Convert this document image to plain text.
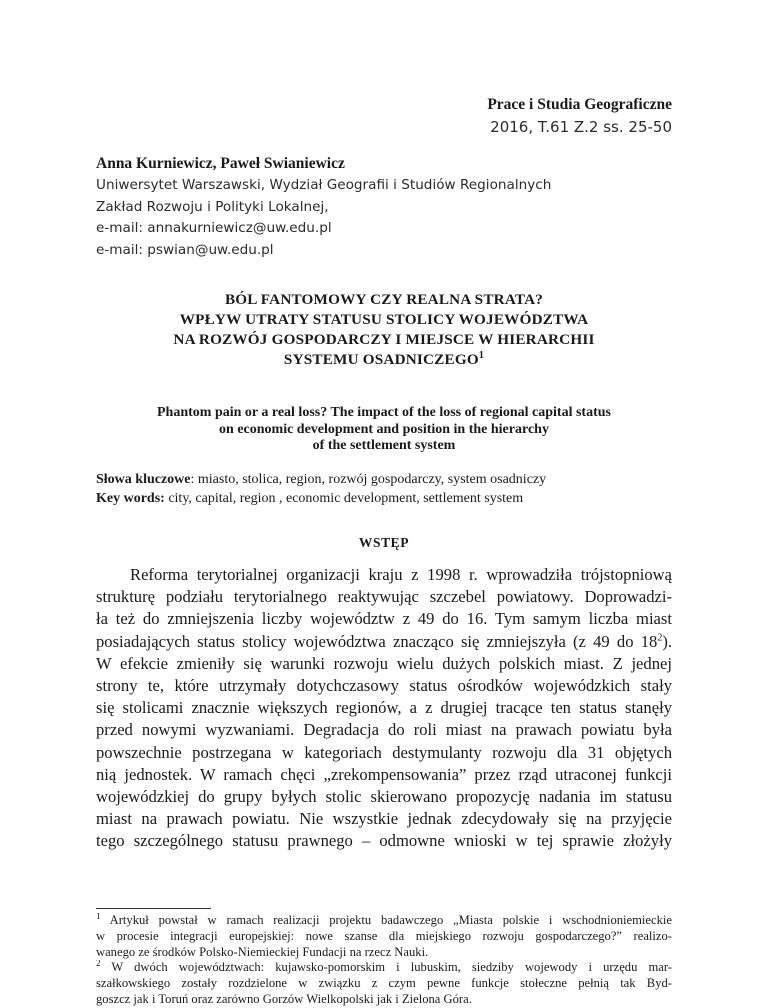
Prace i Studia Geograficzne
2016, T.61 Z.2 ss. 25-50
Anna Kurniewicz, Paweł Swianiewicz
Uniwersytet Warszawski, Wydział Geografii i Studiów Regionalnych
Zakład Rozwoju i Polityki Lokalnej,
e-mail: annakurniewicz@uw.edu.pl
e-mail: pswian@uw.edu.pl
BÓL FANTOMOWY CZY REALNA STRATA?
WPŁYW UTRATY STATUSU STOLICY WOJEWÓDZTWA
NA ROZWÓJ GOSPODARCZY I MIEJSCE W HIERARCHII
SYSTEMU OSADNICZEGO$^1$
Phantom pain or a real loss? The impact of the loss of regional capital status
on economic development and position in the hierarchy
of the settlement system
Słowa kluczowe: miasto, stolica, region, rozwój gospodarczy, system osadniczy
Key words: city, capital, region , economic development, settlement system
WSTĘP
Reforma terytorialnej organizacji kraju z 1998 r. wprowadziła trójstopniową
strukturę podziału terytorialnego reaktywując szczebel powiatowy. Doprowadzi-
ła też do zmniejszenia liczby województw z 49 do 16. Tym samym liczba miast
posiadających status stolicy województwa znacząco się zmniejszyła (z 49 do $18^2$).
W efekcie zmieniły się warunki rozwoju wielu dużych polskich miast. Z jednej
strony te, które utrzymały dotychczasowy status ośrodków wojewódzkich stały
się stolicami znacznie większych regionów, a z drugiej tracące ten status stanęły
przed nowymi wyzwaniami. Degradacja do roli miast na prawach powiatu była
powszechnie postrzegana w kategoriach destymulanty rozwoju dla 31 objętych
nią jednostek. W ramach chęci „zrekompensowania” przez rząd utraconej funkcji
wojewódzkiej do grupy byłych stolic skierowano propozycję nadania im statusu
miast na prawach powiatu. Nie wszystkie jednak zdecydowały się na przyjęcie
tego szczególnego statusu prawnego – odmowne wnioski w tej sprawie złożyły
$^1$ Artykuł powstał w ramach realizacji projektu badawczego „Miasta polskie i wschodnioniemieckie
w procesie integracji europejskiej: nowe szanse dla miejskiego rozwoju gospodarczego?” realizo-
wanego ze środków Polsko-Niemieckiej Fundacji na rzecz Nauki.
$^2$ W dwóch województwach: kujawsko-pomorskim i lubuskim, siedziby wojewody i urzędu mar-
szałkowskiego zostały rozdzielone w związku z czym pewne funkcje stołeczne pełnią tak Byd-
goszcz jak i Toruń oraz zarówno Gorzów Wielkopolski jak i Zielona Góra.
